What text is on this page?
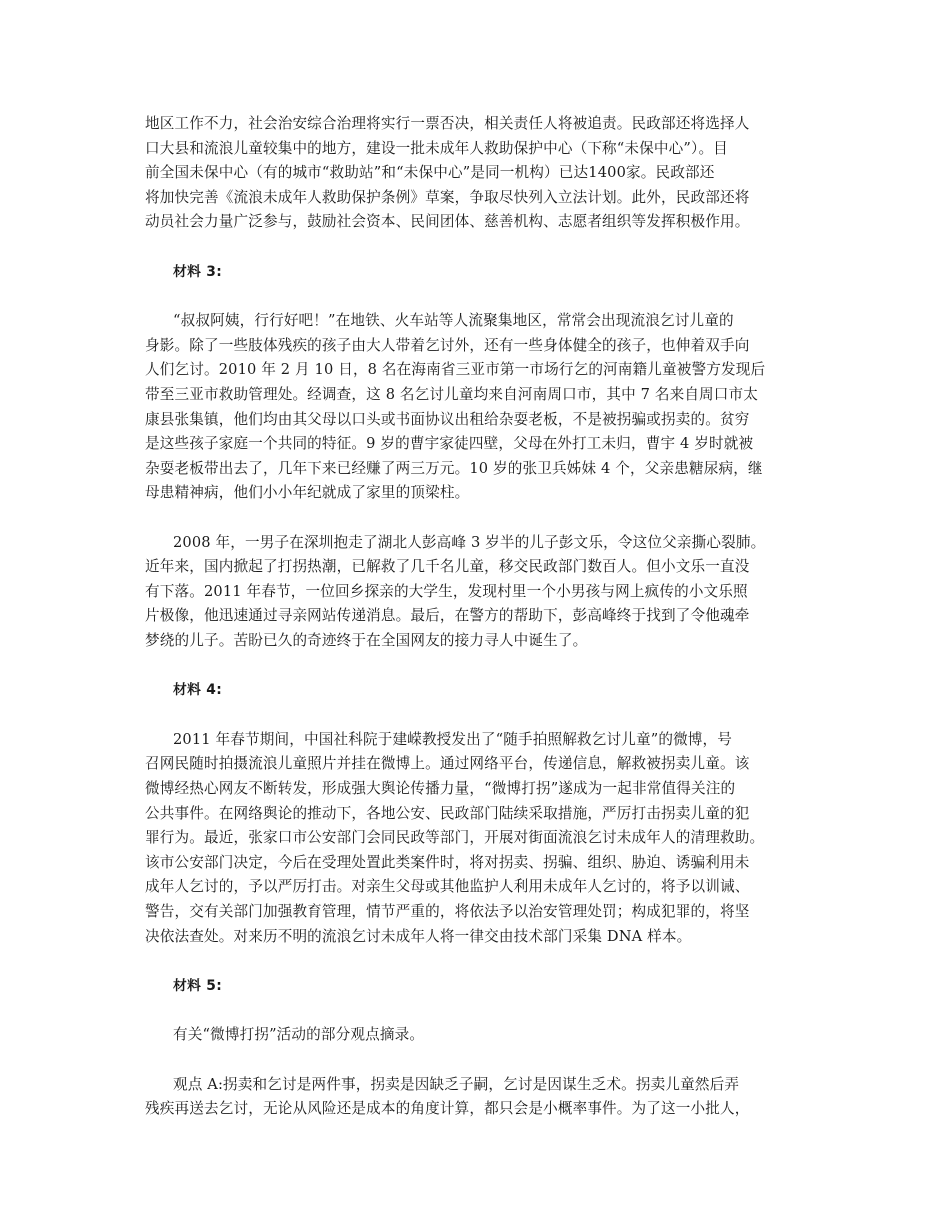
地区工作不力，社会治安综合治理将实行一票否决，相关责任人将被追责。民政部还将选择人
口大县和流浪儿童较集中的地方，建设一批未成年人救助保护中心（下称“未保中心”）。目
前全国未保中心（有的城市“救助站”和“未保中心”是同一机构）已达1400家。民政部还
将加快完善《流浪未成年人救助保护条例》草案，争取尽快列入立法计划。此外，民政部还将
动员社会力量广泛参与，鼓励社会资本、民间团体、慈善机构、志愿者组织等发挥积极作用。
材料 3:
“叔叔阿姨，行行好吧！”在地铁、火车站等人流聚集地区，常常会出现流浪乞讨儿童的
身影。除了一些肢体残疾的孩子由大人带着乞讨外，还有一些身体健全的孩子，也伸着双手向
人们乞讨。2010 年 2 月 10 日，8 名在海南省三亚市第一市场行乞的河南籍儿童被警方发现后
带至三亚市救助管理处。经调查，这 8 名乞讨儿童均来自河南周口市，其中 7 名来自周口市太
康县张集镇，他们均由其父母以口头或书面协议出租给杂耍老板，不是被拐骗或拐卖的。贫穷
是这些孩子家庭一个共同的特征。9 岁的曹宇家徒四壁，父母在外打工未归，曹宇 4 岁时就被
杂耍老板带出去了，几年下来已经赚了两三万元。10 岁的张卫兵姊妹 4 个，父亲患糖尿病，继
母患精神病，他们小小年纪就成了家里的顶梁柱。
2008 年，一男子在深圳抱走了湖北人彭高峰 3 岁半的儿子彭文乐，令这位父亲撕心裂肺。
近年来，国内掀起了打拐热潮，已解救了几千名儿童，移交民政部门数百人。但小文乐一直没
有下落。2011 年春节，一位回乡探亲的大学生，发现村里一个小男孩与网上疯传的小文乐照
片极像，他迅速通过寻亲网站传递消息。最后，在警方的帮助下，彭高峰终于找到了令他魂牵
梦绕的儿子。苦盼已久的奇迹终于在全国网友的接力寻人中诞生了。
材料 4:
2011 年春节期间，中国社科院于建嵘教授发出了“随手拍照解救乞讨儿童”的微博，号
召网民随时拍摄流浪儿童照片并挂在微博上。通过网络平台，传递信息，解救被拐卖儿童。该
微博经热心网友不断转发，形成强大舆论传播力量，“微博打拐”遂成为一起非常值得关注的
公共事件。在网络舆论的推动下，各地公安、民政部门陆续采取措施，严厉打击拐卖儿童的犯
罪行为。最近，张家口市公安部门会同民政等部门，开展对街面流浪乞讨未成年人的清理救助。
该市公安部门决定，今后在受理处置此类案件时，将对拐卖、拐骗、组织、胁迫、诱骗利用未
成年人乞讨的，予以严厉打击。对亲生父母或其他监护人利用未成年人乞讨的，将予以训诫、
警告，交有关部门加强教育管理，情节严重的，将依法予以治安管理处罚；构成犯罪的，将坚
决依法查处。对来历不明的流浪乞讨未成年人将一律交由技术部门采集 DNA 样本。
材料 5:
有关“微博打拐”活动的部分观点摘录。
观点 A:拐卖和乞讨是两件事，拐卖是因缺乏子嗣，乞讨是因谋生乏术。拐卖儿童然后弄
残疾再送去乞讨，无论从风险还是成本的角度计算，都只会是小概率事件。为了这一小批人，
